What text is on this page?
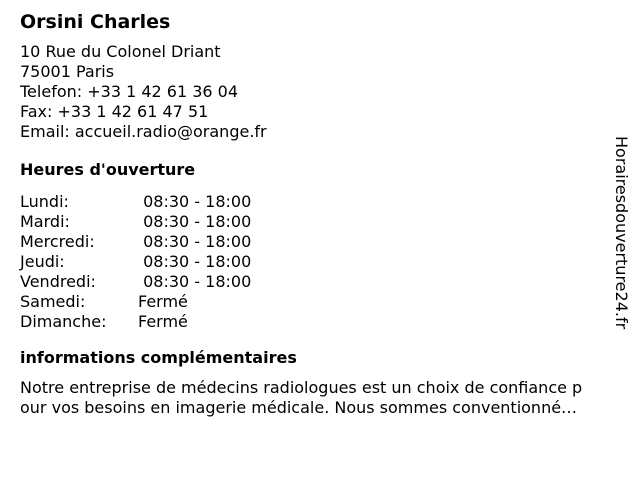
Orsini Charles
10 Rue du Colonel Driant
75001 Paris
Telefon: +33 1 42 61 36 04
Fax: +33 1 42 61 47 51
Email: accueil.radio@orange.fr
Heures d'ouverture
Lundi:	08:30 - 18:00
Mardi:	08:30 - 18:00
Mercredi:	08:30 - 18:00
Jeudi:	08:30 - 18:00
Vendredi:	08:30 - 18:00
Samedi:	Fermé
Dimanche:	Fermé
informations complémentaires
Notre entreprise de médecins radiologues est un choix de confiance p
our vos besoins en imagerie médicale. Nous sommes conventionné…
Horairesdouverture24.fr
